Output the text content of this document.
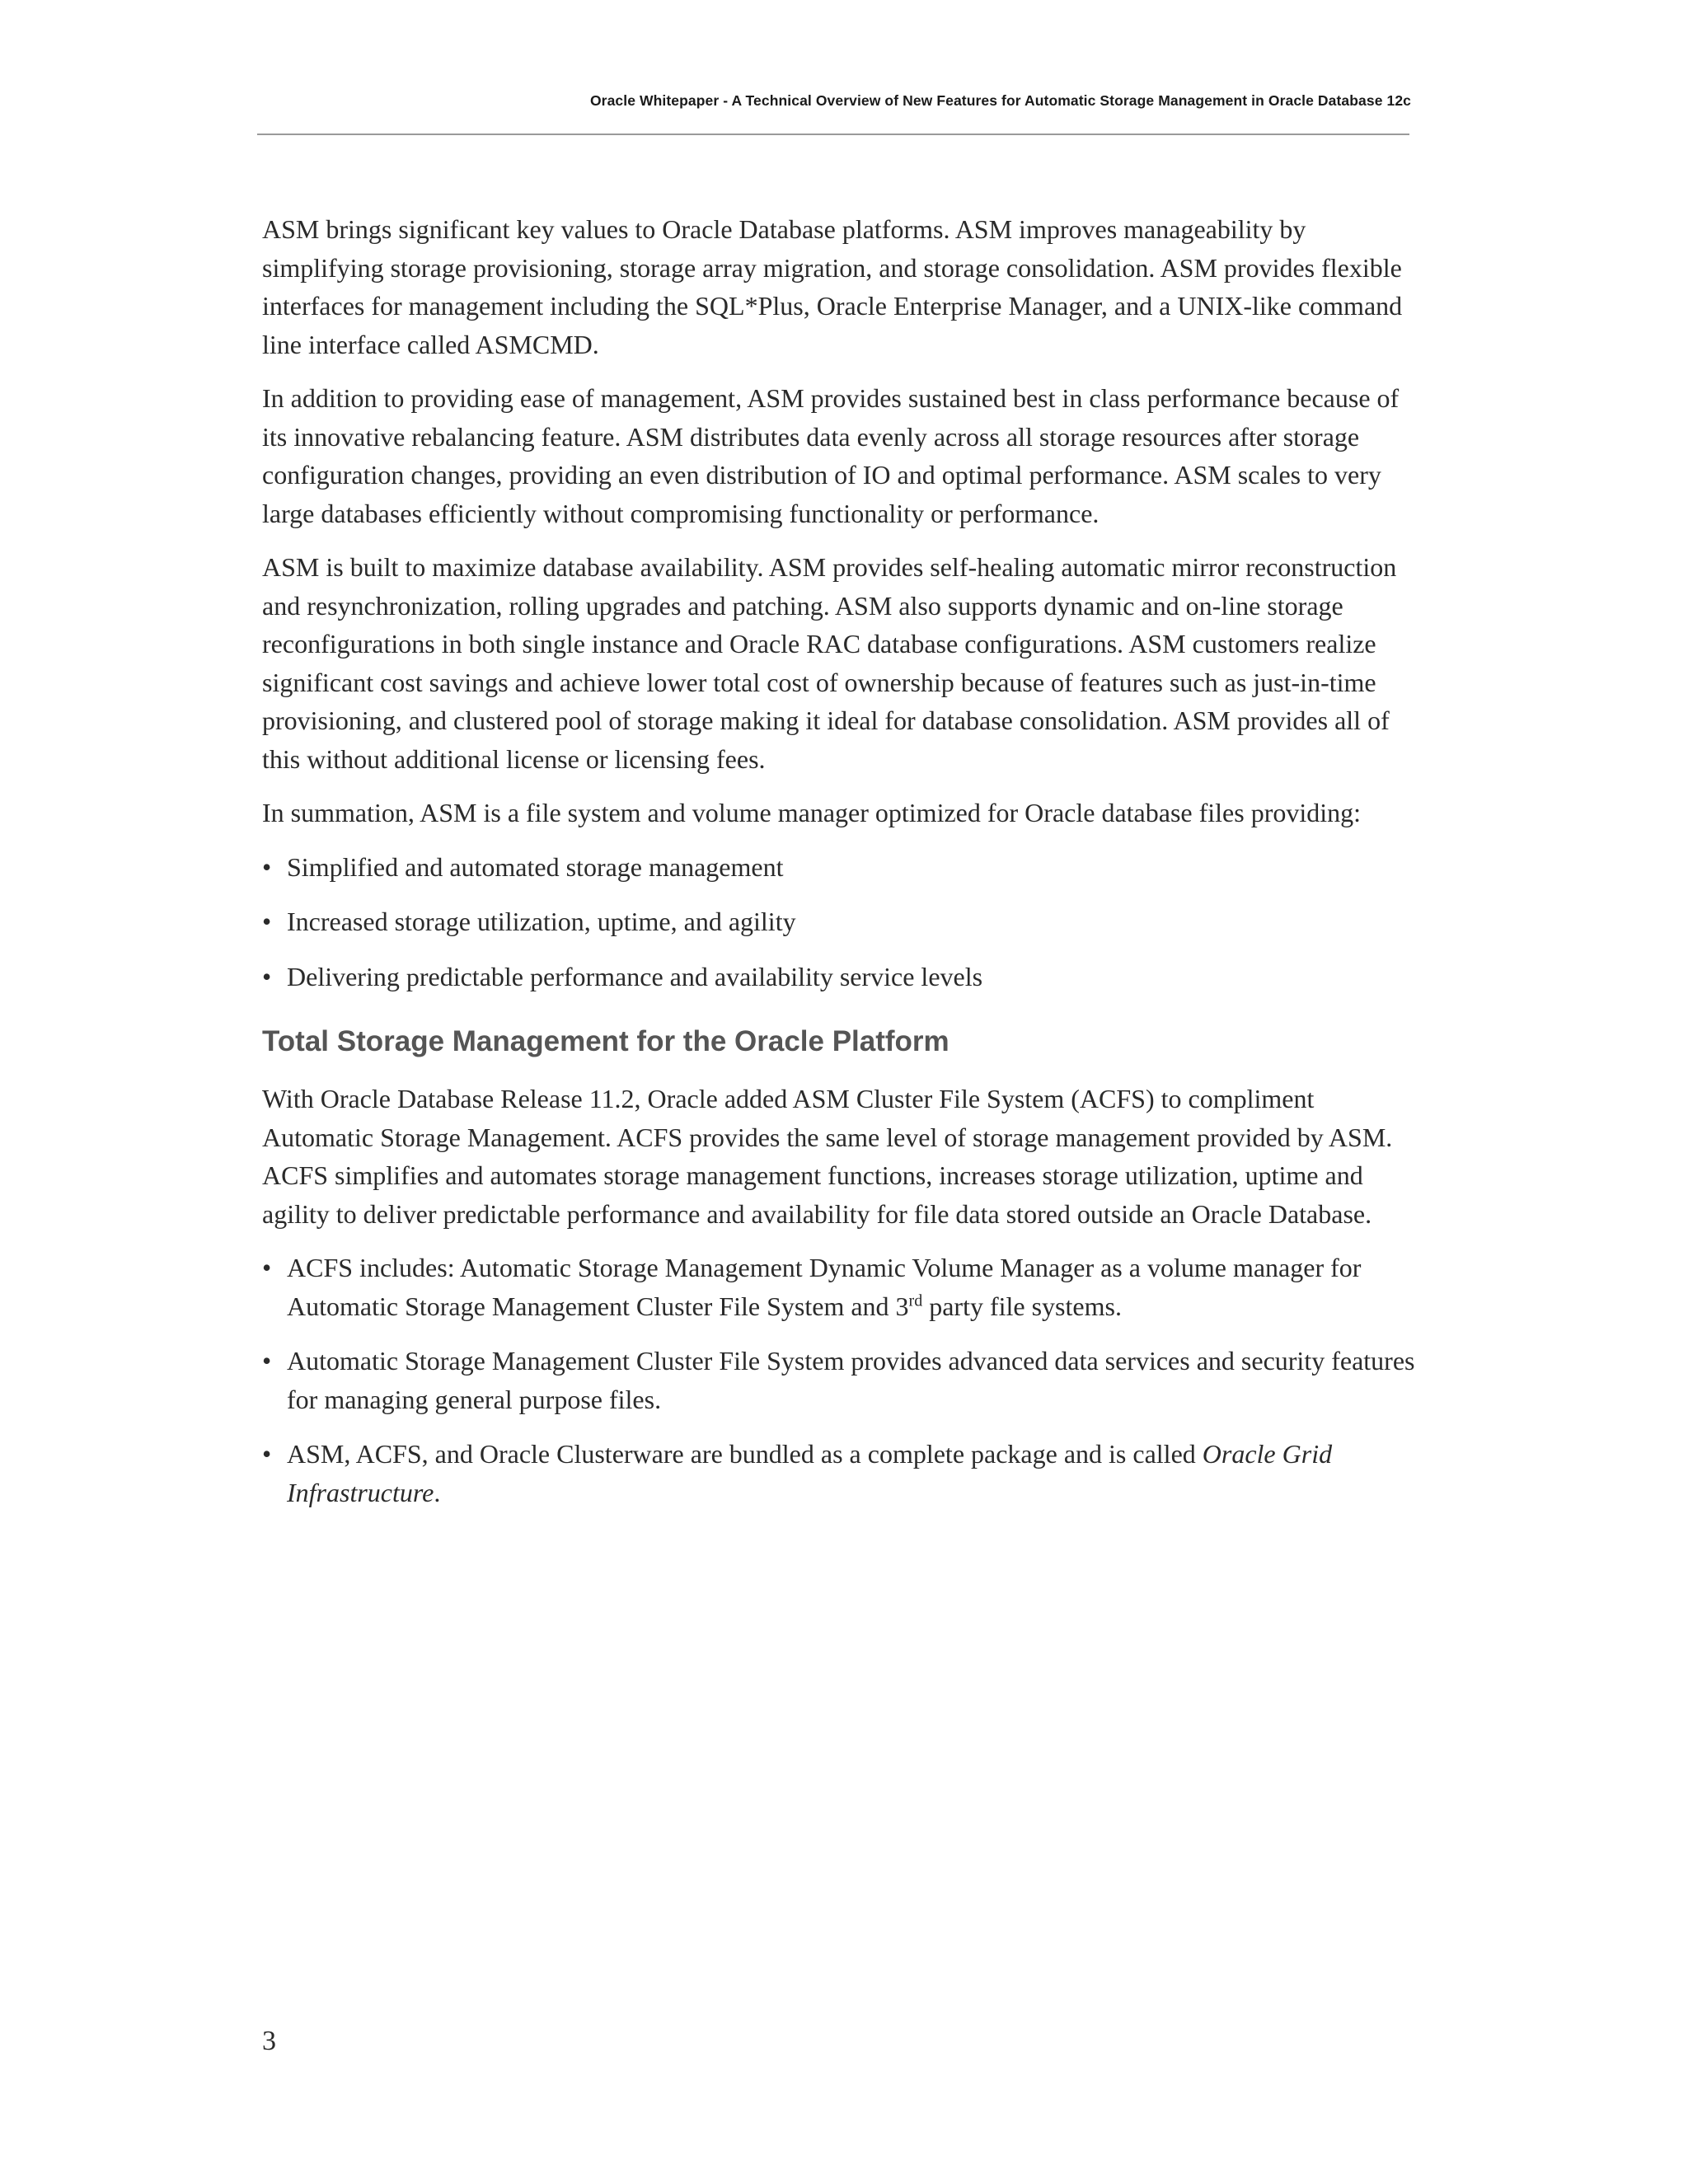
Oracle Whitepaper - A Technical Overview of New Features for Automatic Storage Management in Oracle Database 12c

ASM brings significant key values to Oracle Database platforms. ASM improves manageability by simplifying storage provisioning, storage array migration, and storage consolidation. ASM provides flexible interfaces for management including the SQL*Plus, Oracle Enterprise Manager, and a UNIX-like command line interface called ASMCMD.

In addition to providing ease of management, ASM provides sustained best in class performance because of its innovative rebalancing feature. ASM distributes data evenly across all storage resources after storage configuration changes, providing an even distribution of IO and optimal performance. ASM scales to very large databases efficiently without compromising functionality or performance.

ASM is built to maximize database availability. ASM provides self-healing automatic mirror reconstruction and resynchronization, rolling upgrades and patching. ASM also supports dynamic and on-line storage reconfigurations in both single instance and Oracle RAC database configurations. ASM customers realize significant cost savings and achieve lower total cost of ownership because of features such as just-in-time provisioning, and clustered pool of storage making it ideal for database consolidation. ASM provides all of this without additional license or licensing fees.

In summation, ASM is a file system and volume manager optimized for Oracle database files providing:

• Simplified and automated storage management
• Increased storage utilization, uptime, and agility
• Delivering predictable performance and availability service levels
Total Storage Management for the Oracle Platform

With Oracle Database Release 11.2, Oracle added ASM Cluster File System (ACFS) to compliment Automatic Storage Management. ACFS provides the same level of storage management provided by ASM. ACFS simplifies and automates storage management functions, increases storage utilization, uptime and agility to deliver predictable performance and availability for file data stored outside an Oracle Database.

• ACFS includes: Automatic Storage Management Dynamic Volume Manager as a volume manager for Automatic Storage Management Cluster File System and 3rd party file systems.
• Automatic Storage Management Cluster File System provides advanced data services and security features for managing general purpose files.
• ASM, ACFS, and Oracle Clusterware are bundled as a complete package and is called Oracle Grid Infrastructure.
3
